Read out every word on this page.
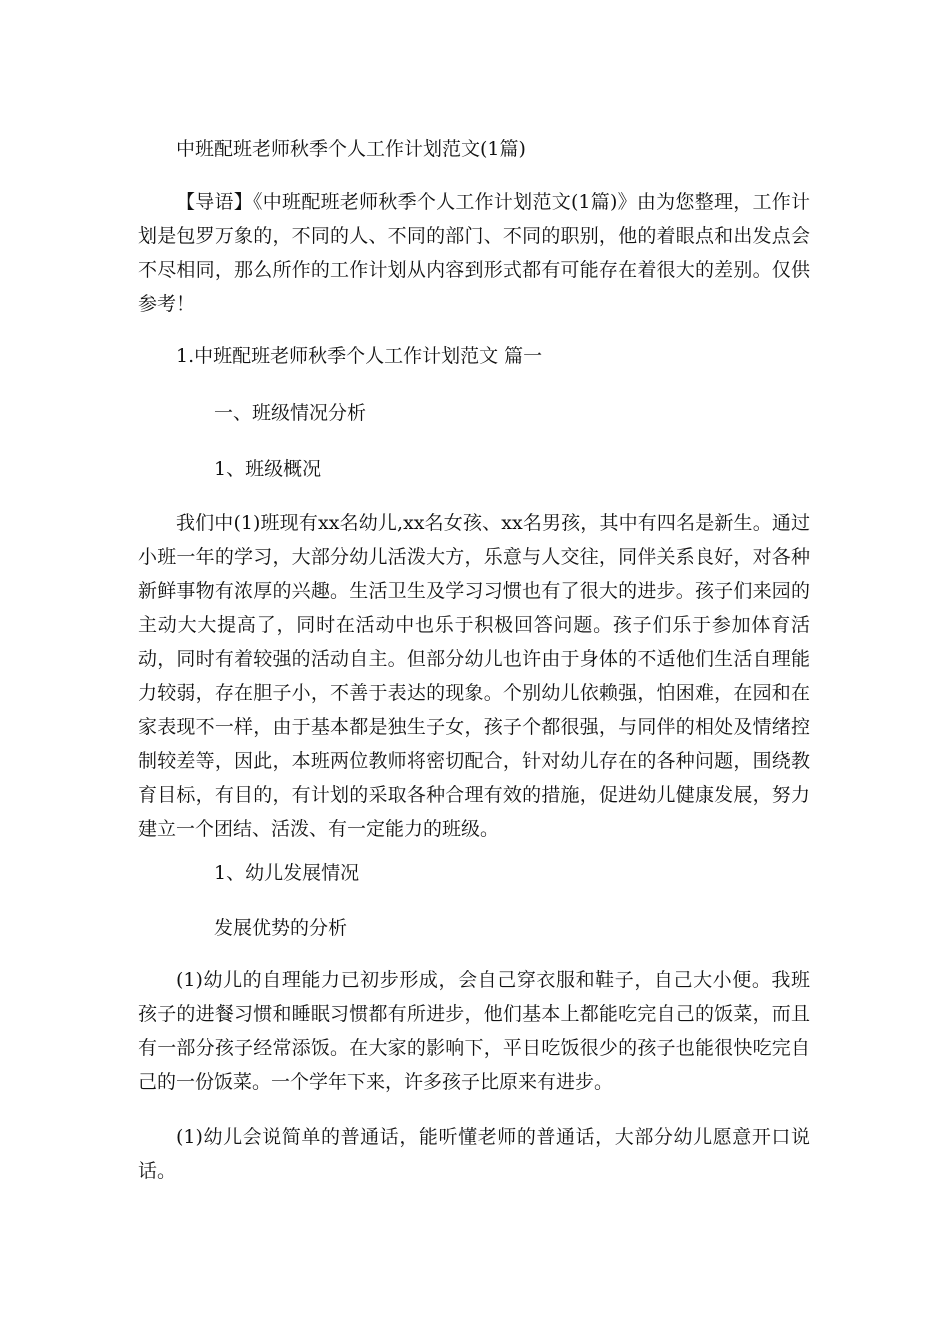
中班配班老师秋季个人工作计划范文(1篇)
【导语】《中班配班老师秋季个人工作计划范文(1篇)》由为您整理，工作计划是包罗万象的，不同的人、不同的部门、不同的职别，他的着眼点和出发点会不尽相同，那么所作的工作计划从内容到形式都有可能存在着很大的差别。仅供参考！
1.中班配班老师秋季个人工作计划范文 篇一
一、班级情况分析
1、班级概况
我们中(1)班现有xx名幼儿,xx名女孩、xx名男孩，其中有四名是新生。通过小班一年的学习，大部分幼儿活泼大方，乐意与人交往，同伴关系良好，对各种新鲜事物有浓厚的兴趣。生活卫生及学习习惯也有了很大的进步。孩子们来园的主动大大提高了，同时在活动中也乐于积极回答问题。孩子们乐于参加体育活动，同时有着较强的活动自主。但部分幼儿也许由于身体的不适他们生活自理能力较弱，存在胆子小，不善于表达的现象。个别幼儿依赖强，怕困难，在园和在家表现不一样，由于基本都是独生子女，孩子个都很强，与同伴的相处及情绪控制较差等，因此，本班两位教师将密切配合，针对幼儿存在的各种问题，围绕教育目标，有目的，有计划的采取各种合理有效的措施，促进幼儿健康发展，努力建立一个团结、活泼、有一定能力的班级。
1、幼儿发展情况
发展优势的分析
(1)幼儿的自理能力已初步形成，会自己穿衣服和鞋子，自己大小便。我班孩子的进餐习惯和睡眠习惯都有所进步，他们基本上都能吃完自己的饭菜，而且有一部分孩子经常添饭。在大家的影响下，平日吃饭很少的孩子也能很快吃完自己的一份饭菜。一个学年下来，许多孩子比原来有进步。
(1)幼儿会说简单的普通话，能听懂老师的普通话，大部分幼儿愿意开口说话。
